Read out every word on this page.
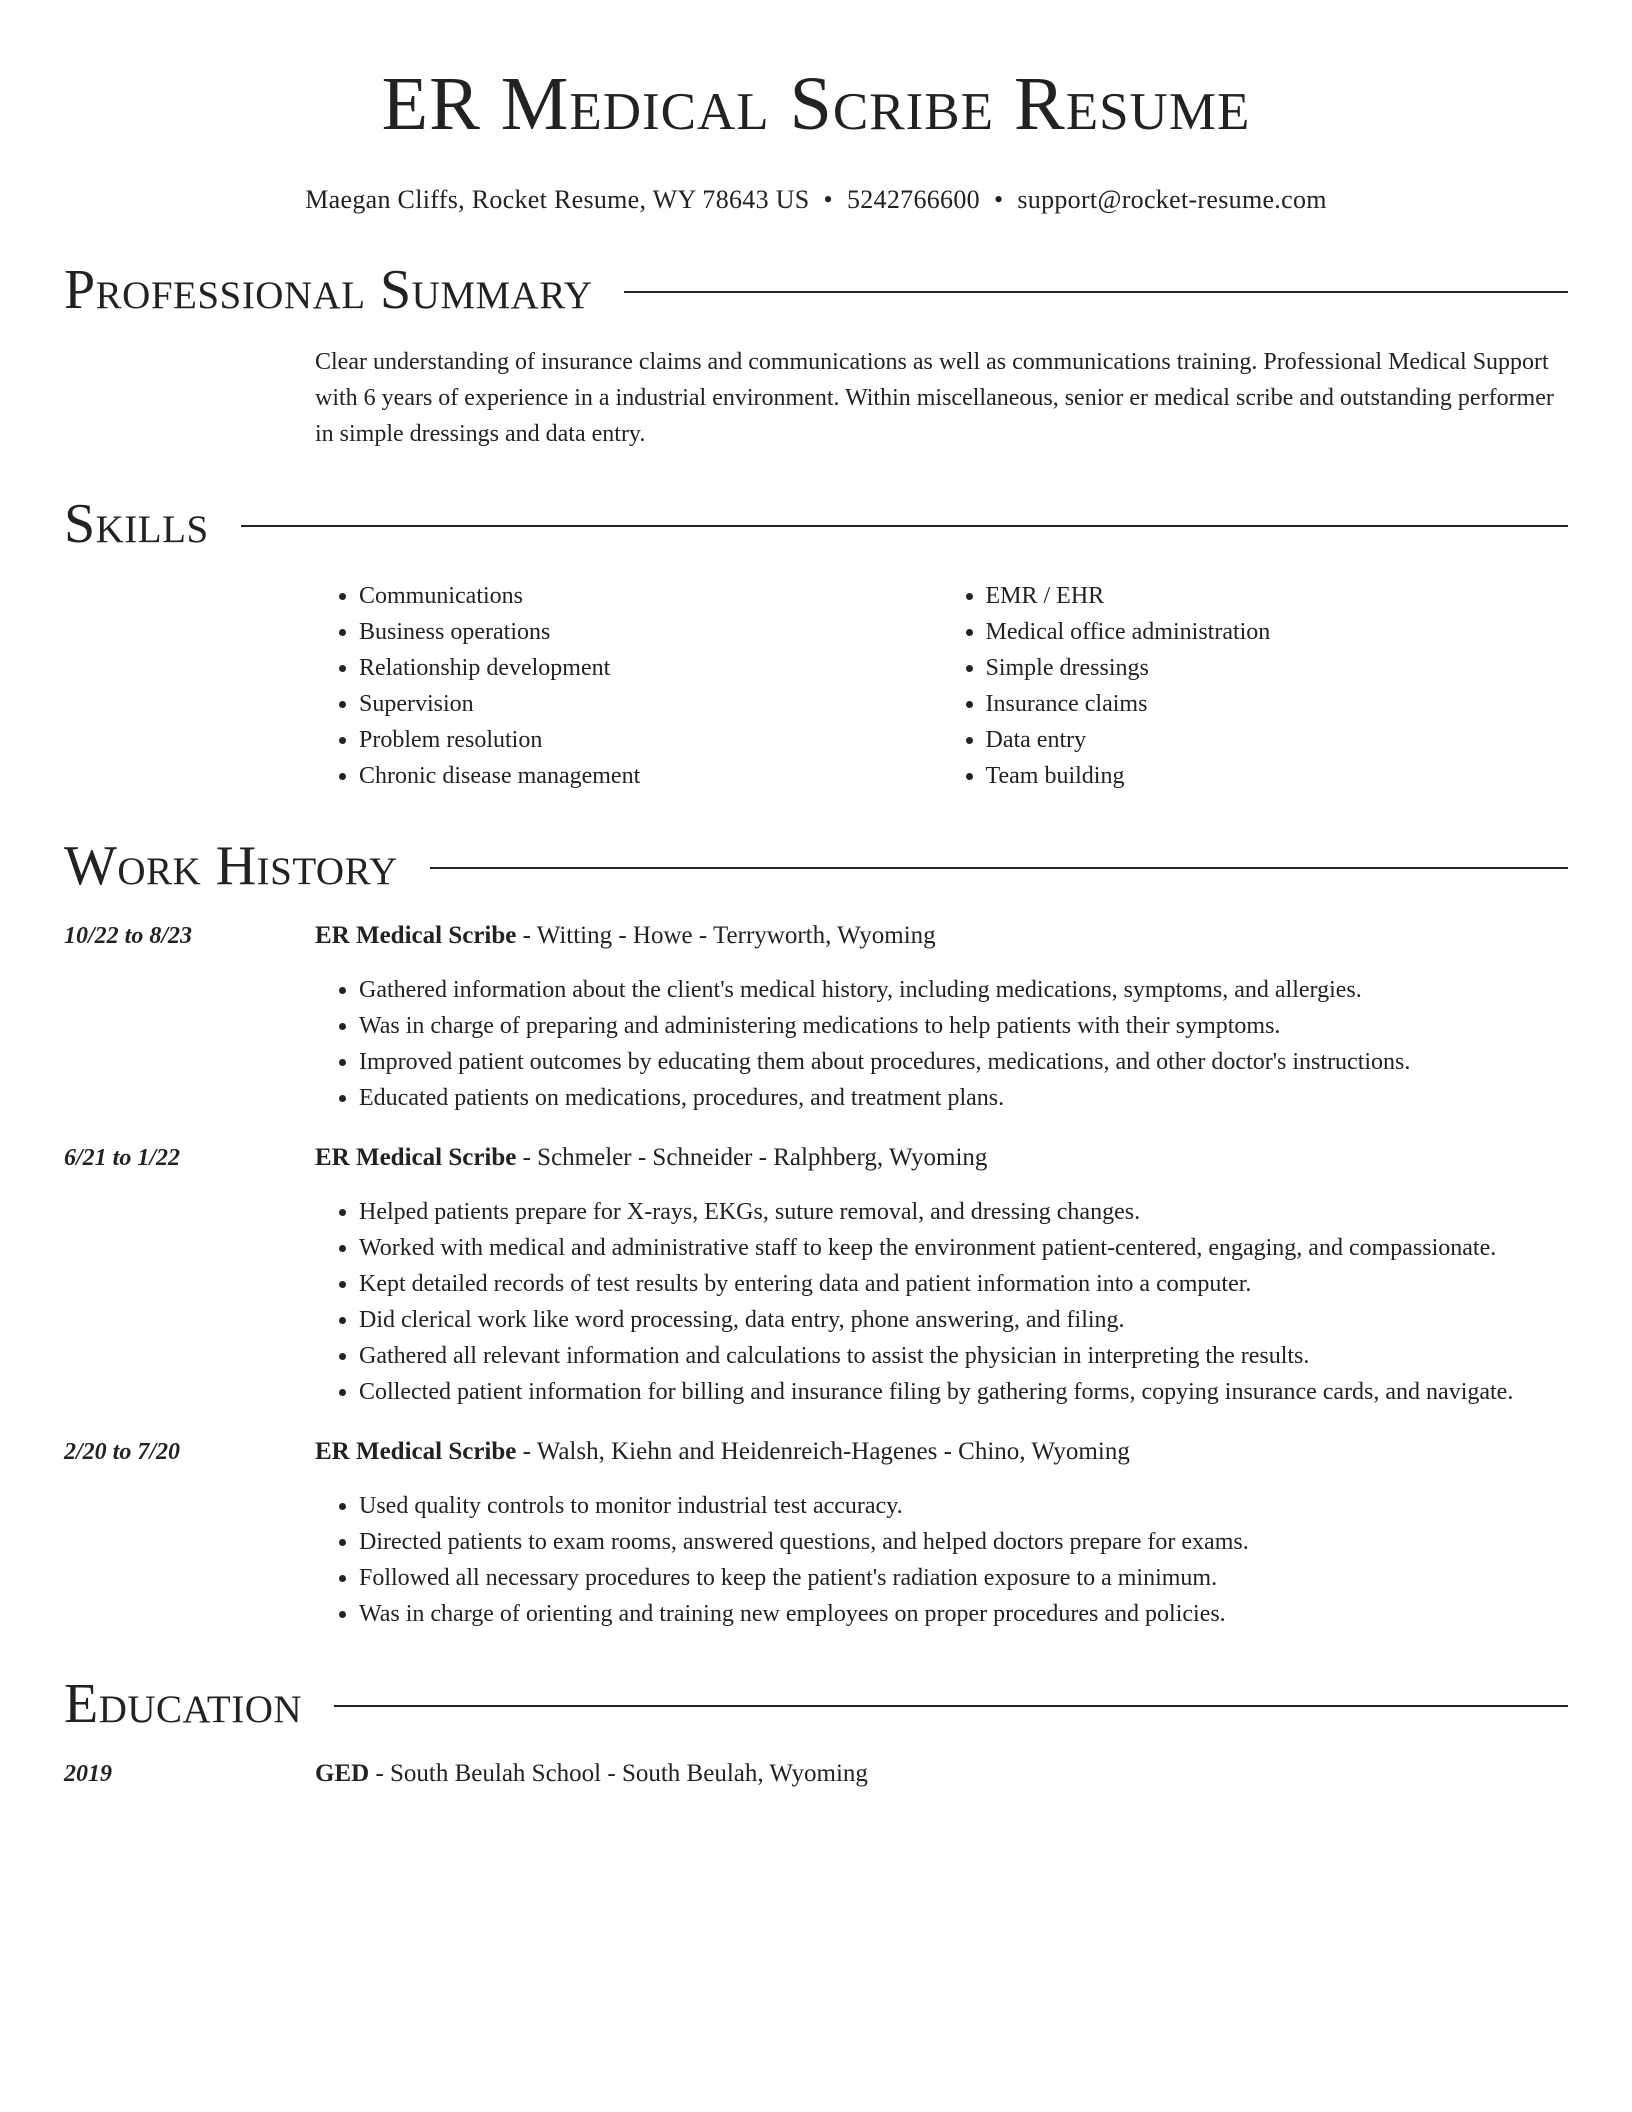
ER Medical Scribe Resume
Maegan Cliffs, Rocket Resume, WY 78643 US • 5242766600 • support@rocket-resume.com
Professional Summary
Clear understanding of insurance claims and communications as well as communications training. Professional Medical Support with 6 years of experience in a industrial environment. Within miscellaneous, senior er medical scribe and outstanding performer in simple dressings and data entry.
Skills
• Communications
• Business operations
• Relationship development
• Supervision
• Problem resolution
• Chronic disease management
• EMR / EHR
• Medical office administration
• Simple dressings
• Insurance claims
• Data entry
• Team building
Work History
10/22 to 8/23	ER Medical Scribe - Witting - Howe - Terryworth, Wyoming
• Gathered information about the client's medical history, including medications, symptoms, and allergies.
• Was in charge of preparing and administering medications to help patients with their symptoms.
• Improved patient outcomes by educating them about procedures, medications, and other doctor's instructions.
• Educated patients on medications, procedures, and treatment plans.
6/21 to 1/22	ER Medical Scribe - Schmeler - Schneider - Ralphberg, Wyoming
• Helped patients prepare for X-rays, EKGs, suture removal, and dressing changes.
• Worked with medical and administrative staff to keep the environment patient-centered, engaging, and compassionate.
• Kept detailed records of test results by entering data and patient information into a computer.
• Did clerical work like word processing, data entry, phone answering, and filing.
• Gathered all relevant information and calculations to assist the physician in interpreting the results.
• Collected patient information for billing and insurance filing by gathering forms, copying insurance cards, and navigate.
2/20 to 7/20	ER Medical Scribe - Walsh, Kiehn and Heidenreich-Hagenes - Chino, Wyoming
• Used quality controls to monitor industrial test accuracy.
• Directed patients to exam rooms, answered questions, and helped doctors prepare for exams.
• Followed all necessary procedures to keep the patient's radiation exposure to a minimum.
• Was in charge of orienting and training new employees on proper procedures and policies.
Education
2019	GED - South Beulah School - South Beulah, Wyoming
